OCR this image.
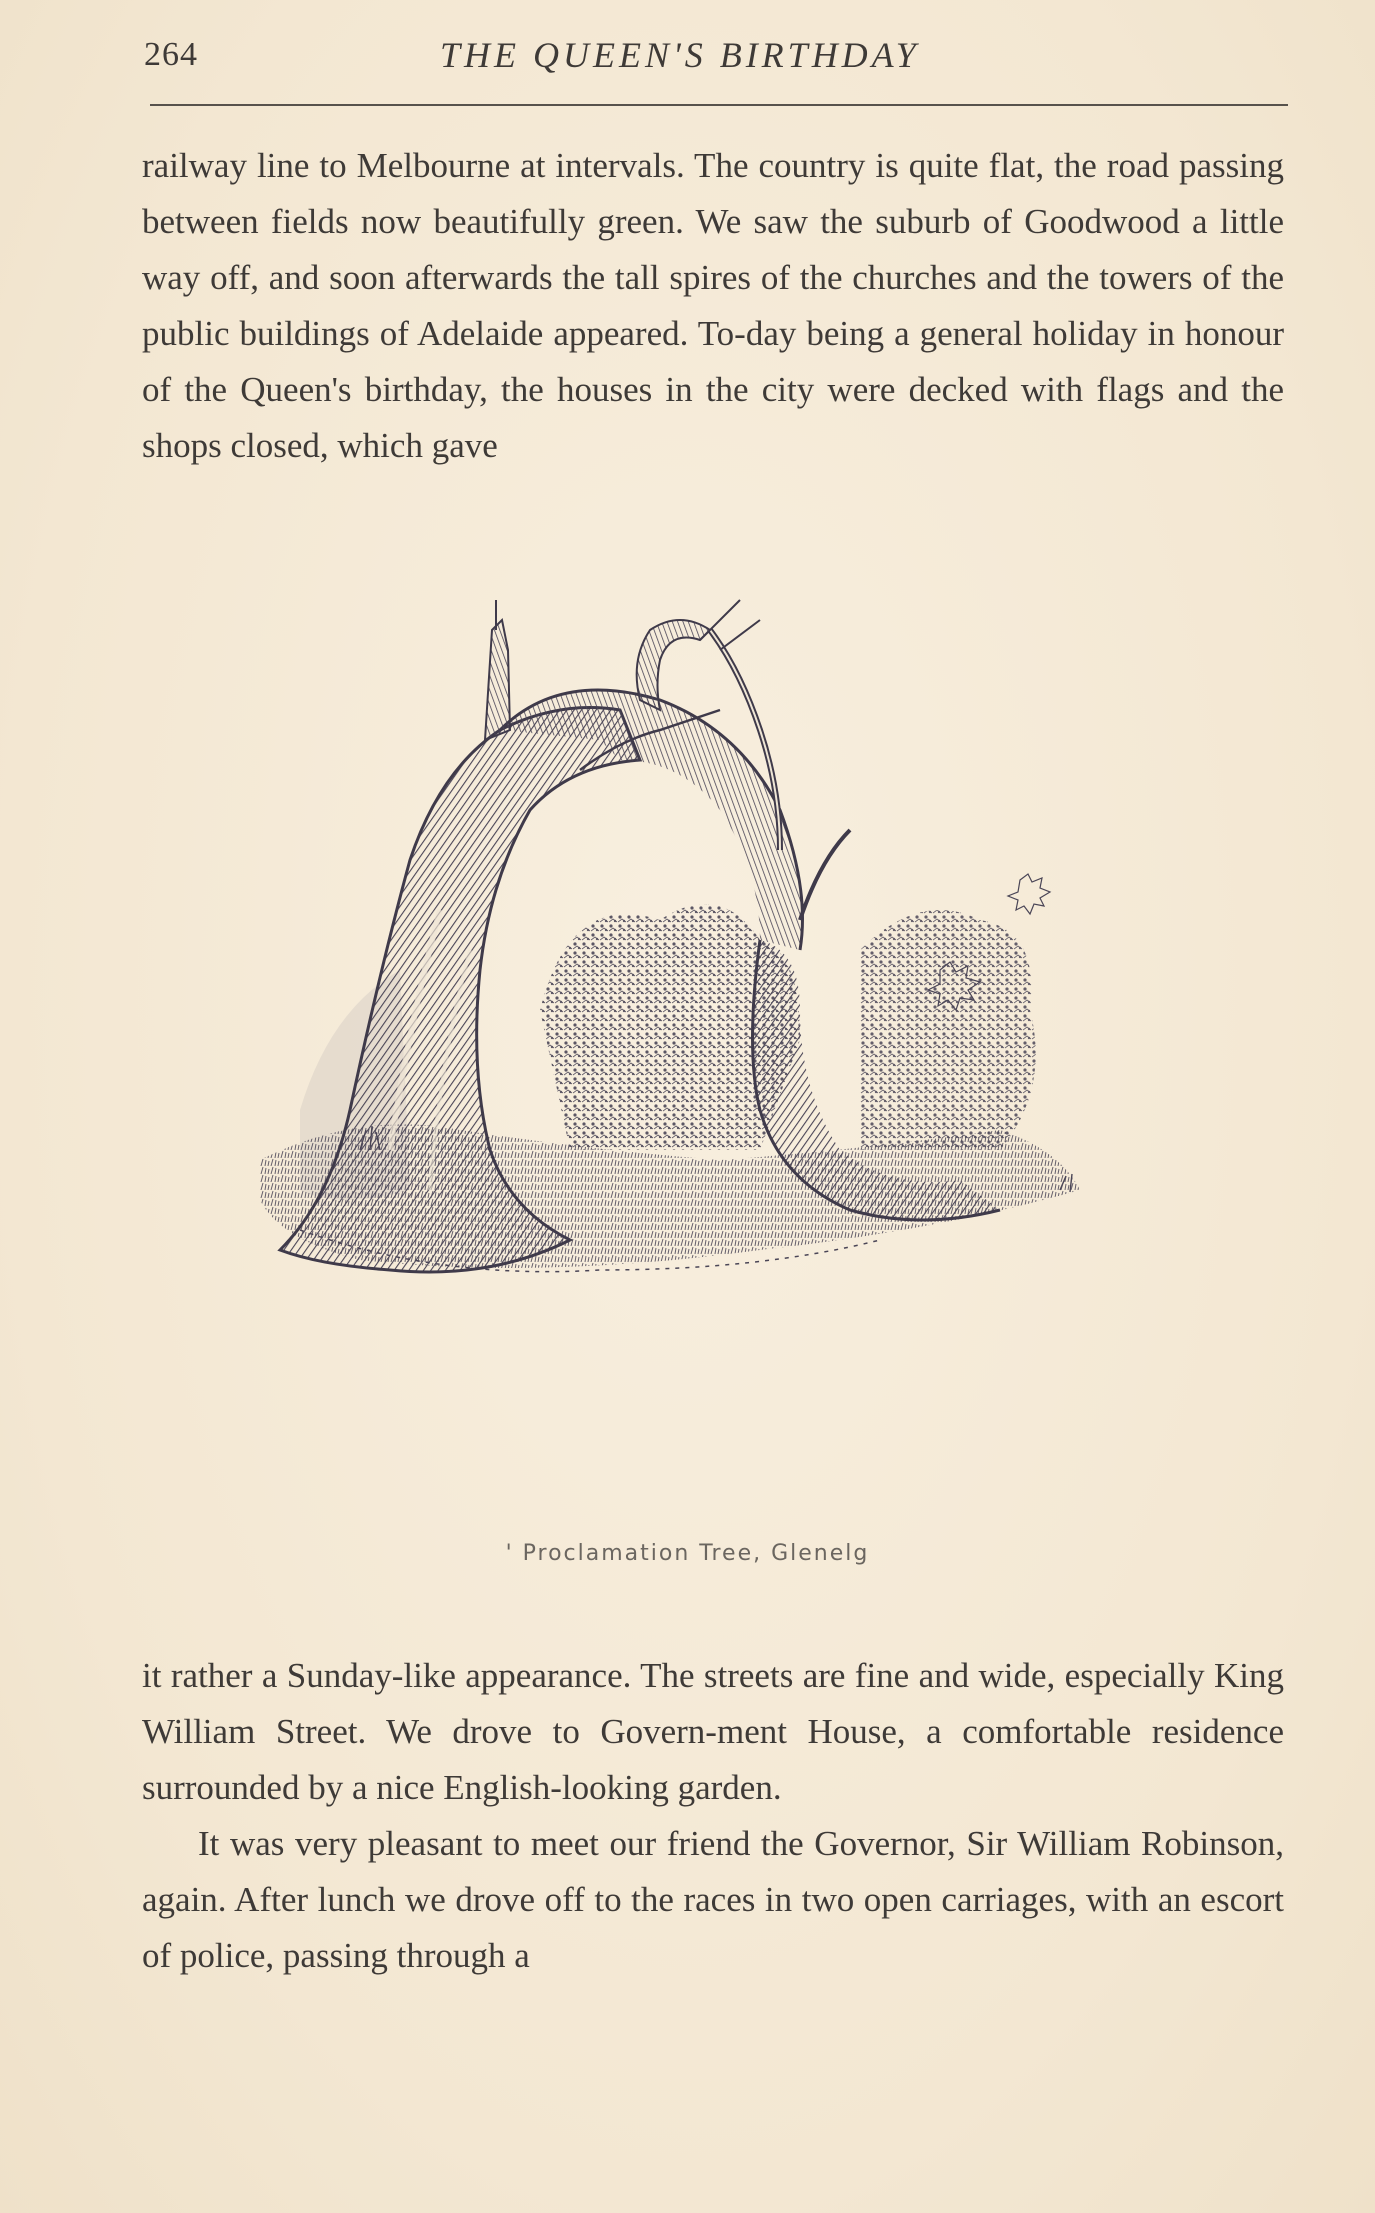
264	THE QUEEN'S BIRTHDAY

railway line to Melbourne at intervals. The country is quite flat, the road passing between fields now beautifully green. We saw the suburb of Goodwood a little way off, and soon afterwards the tall spires of the churches and the towers of the public buildings of Adelaide appeared. To-day being a general holiday in honour of the Queen's birthday, the houses in the city were decked with flags and the shops closed, which gave

' Proclamation Tree, Glenelg

it rather a Sunday-like appearance. The streets are fine and wide, especially King William Street. We drove to Govern-ment House, a comfortable residence surrounded by a nice English-looking garden.

It was very pleasant to meet our friend the Governor, Sir William Robinson, again. After lunch we drove off to the races in two open carriages, with an escort of police, passing through a
